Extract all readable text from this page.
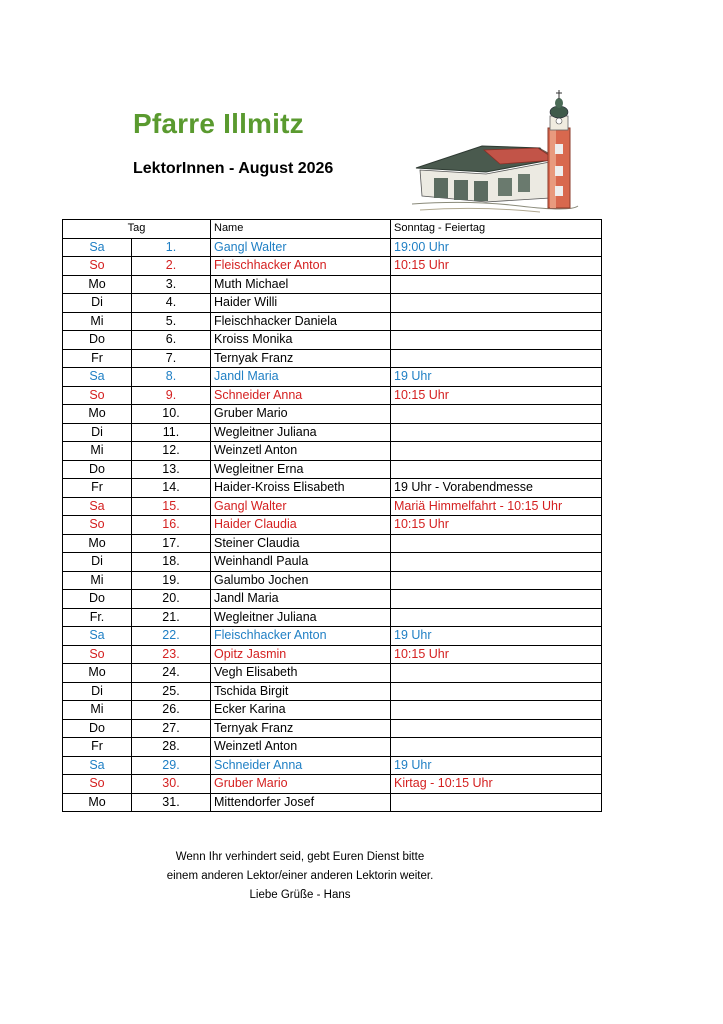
Pfarre Illmitz
LektorInnen - August 2026
Tag		Name	Sonntag - Feiertag
Sa	1.	Gangl Walter	19:00 Uhr
So	2.	Fleischhacker Anton	10:15 Uhr
Mo	3.	Muth Michael	
Di	4.	Haider Willi	
Mi	5.	Fleischhacker Daniela	
Do	6.	Kroiss Monika	
Fr	7.	Ternyak Franz	
Sa	8.	Jandl Maria	19 Uhr
So	9.	Schneider Anna	10:15 Uhr
Mo	10.	Gruber Mario	
Di	11.	Wegleitner Juliana	
Mi	12.	Weinzetl Anton	
Do	13.	Wegleitner Erna	
Fr	14.	Haider-Kroiss Elisabeth	19 Uhr - Vorabendmesse
Sa	15.	Gangl Walter	Mariä Himmelfahrt - 10:15 Uhr
So	16.	Haider Claudia	10:15 Uhr
Mo	17.	Steiner Claudia	
Di	18.	Weinhandl Paula	
Mi	19.	Galumbo Jochen	
Do	20.	Jandl Maria	
Fr.	21.	Wegleitner Juliana	
Sa	22.	Fleischhacker Anton	19 Uhr
So	23.	Opitz Jasmin	10:15 Uhr
Mo	24.	Vegh Elisabeth	
Di	25.	Tschida Birgit	
Mi	26.	Ecker Karina	
Do	27.	Ternyak Franz	
Fr	28.	Weinzetl Anton	
Sa	29.	Schneider Anna	19 Uhr
So	30.	Gruber Mario	Kirtag - 10:15 Uhr
Mo	31.	Mittendorfer Josef	
Wenn Ihr verhindert seid, gebt Euren Dienst bitte
einem anderen Lektor/einer anderen Lektorin weiter.
Liebe Grüße - Hans
